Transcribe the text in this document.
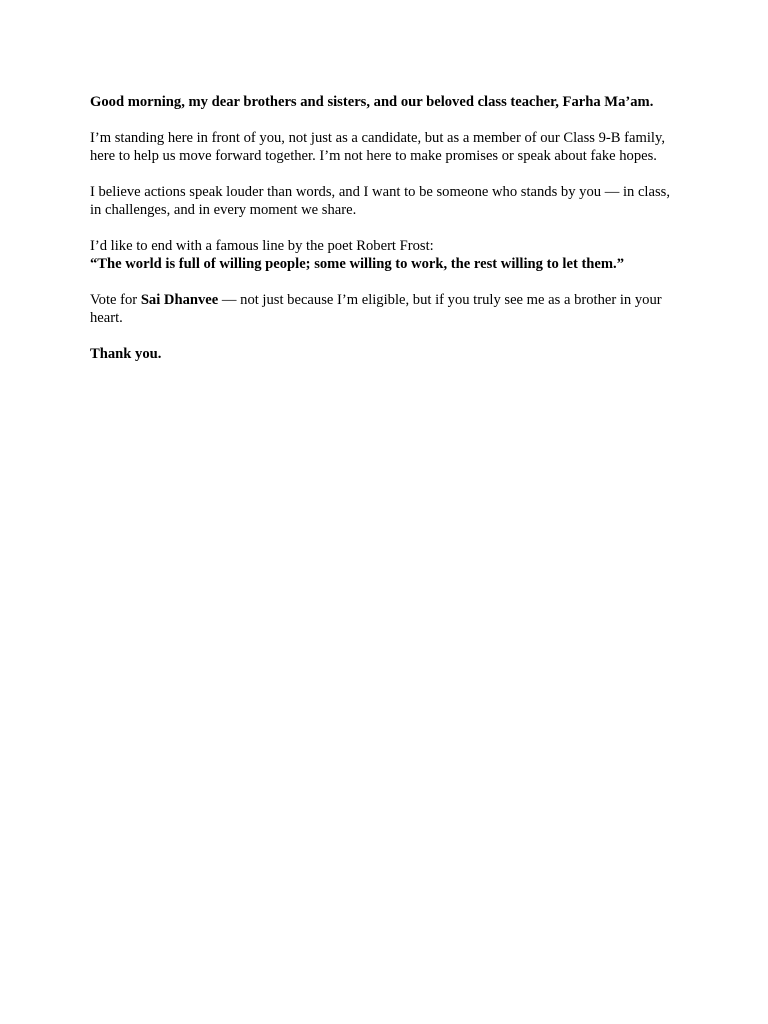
Good morning, my dear brothers and sisters, and our beloved class teacher, Farha Ma’am.

I’m standing here in front of you, not just as a candidate, but as a member of our Class 9-B family, here to help us move forward together. I’m not here to make promises or speak about fake hopes.

I believe actions speak louder than words, and I want to be someone who stands by you — in class, in challenges, and in every moment we share.

I’d like to end with a famous line by the poet Robert Frost:

“The world is full of willing people; some willing to work, the rest willing to let them.”

Vote for Sai Dhanvee — not just because I’m eligible, but if you truly see me as a brother in your heart.

Thank you.
